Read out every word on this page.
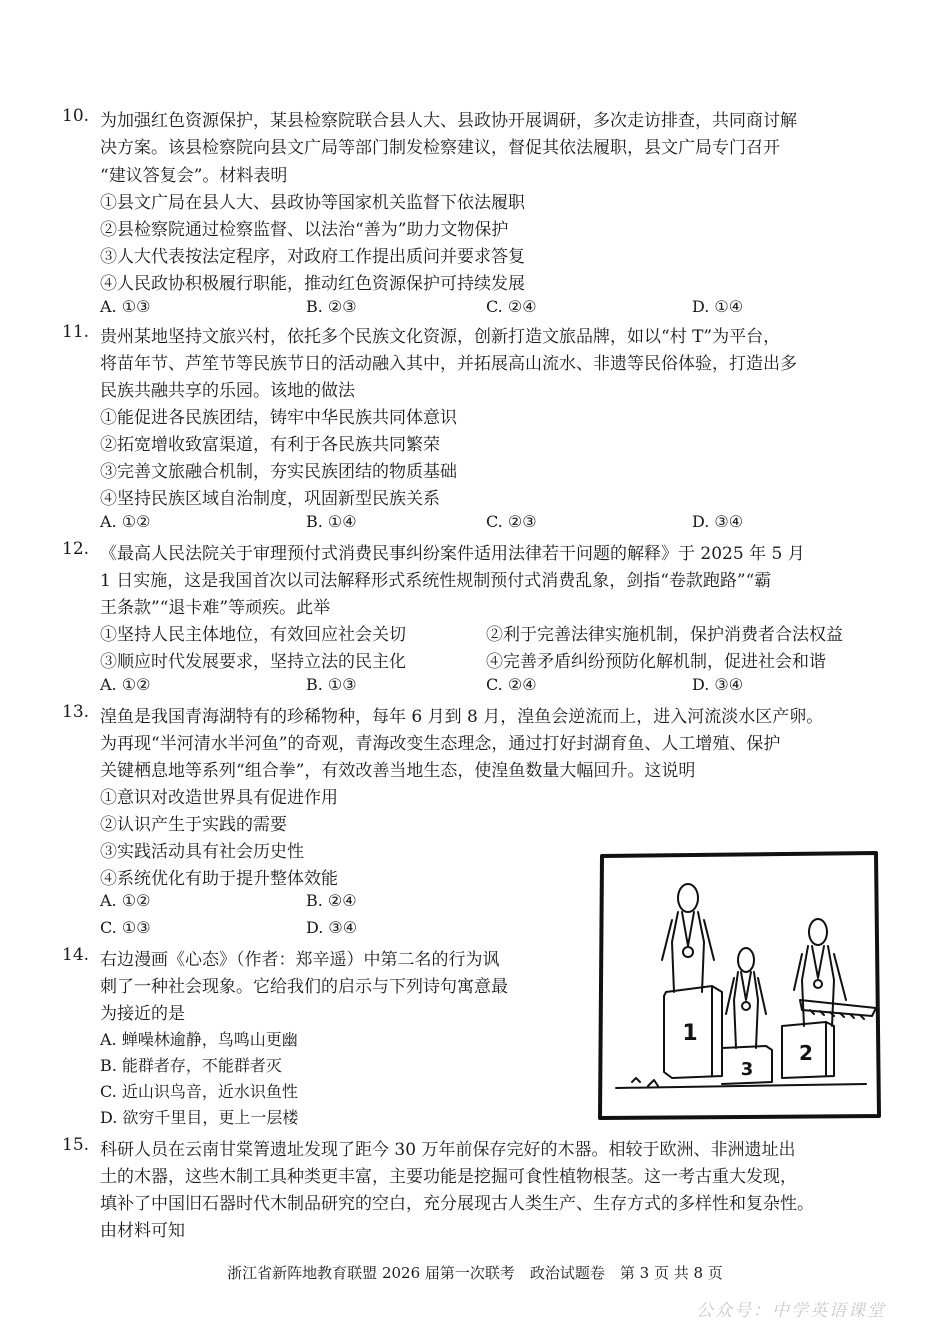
10. 为加强红色资源保护，某县检察院联合县人大、县政协开展调研，多次走访排查，共同商讨解
决方案。该县检察院向县文广局等部门制发检察建议，督促其依法履职，县文广局专门召开
“建议答复会”。材料表明
①县文广局在县人大、县政协等国家机关监督下依法履职
②县检察院通过检察监督、以法治“善为”助力文物保护
③人大代表按法定程序，对政府工作提出质问并要求答复
④人民政协积极履行职能，推动红色资源保护可持续发展
A. ①③	B. ②③	C. ②④	D. ①④
11. 贵州某地坚持文旅兴村，依托多个民族文化资源，创新打造文旅品牌，如以“村 T”为平台，
将苗年节、芦笙节等民族节日的活动融入其中，并拓展高山流水、非遗等民俗体验，打造出多
民族共融共享的乐园。该地的做法
①能促进各民族团结，铸牢中华民族共同体意识
②拓宽增收致富渠道，有利于各民族共同繁荣
③完善文旅融合机制，夯实民族团结的物质基础
④坚持民族区域自治制度，巩固新型民族关系
A. ①②	B. ①④	C. ②③	D. ③④
12. 《最高人民法院关于审理预付式消费民事纠纷案件适用法律若干问题的解释》于 2025 年 5 月
1 日实施，这是我国首次以司法解释形式系统性规制预付式消费乱象，剑指“卷款跑路”“霸
王条款”“退卡难”等顽疾。此举
①坚持人民主体地位，有效回应社会关切	②利于完善法律实施机制，保护消费者合法权益
③顺应时代发展要求，坚持立法的民主化	④完善矛盾纠纷预防化解机制，促进社会和谐
A. ①②	B. ①③	C. ②④	D. ③④
13. 湟鱼是我国青海湖特有的珍稀物种，每年 6 月到 8 月，湟鱼会逆流而上，进入河流淡水区产卵。
为再现“半河清水半河鱼”的奇观，青海改变生态理念，通过打好封湖育鱼、人工增殖、保护
关键栖息地等系列“组合拳”，有效改善当地生态，使湟鱼数量大幅回升。这说明
①意识对改造世界具有促进作用
②认识产生于实践的需要
③实践活动具有社会历史性
④系统优化有助于提升整体效能
A. ①②	B. ②④
C. ①③	D. ③④
14. 右边漫画《心态》（作者：郑辛遥）中第二名的行为讽
刺了一种社会现象。它给我们的启示与下列诗句寓意最
为接近的是
A. 蝉噪林逾静，鸟鸣山更幽
B. 能群者存，不能群者灭
C. 近山识鸟音，近水识鱼性
D. 欲穷千里目，更上一层楼
1
3
2
15. 科研人员在云南甘棠箐遗址发现了距今 30 万年前保存完好的木器。相较于欧洲、非洲遗址出
土的木器，这些木制工具种类更丰富，主要功能是挖掘可食性植物根茎。这一考古重大发现，
填补了中国旧石器时代木制品研究的空白，充分展现古人类生产、生存方式的多样性和复杂性。
由材料可知
浙江省新阵地教育联盟 2026 届第一次联考　政治试题卷　第 3 页 共 8 页
公众号：中学英语课堂
